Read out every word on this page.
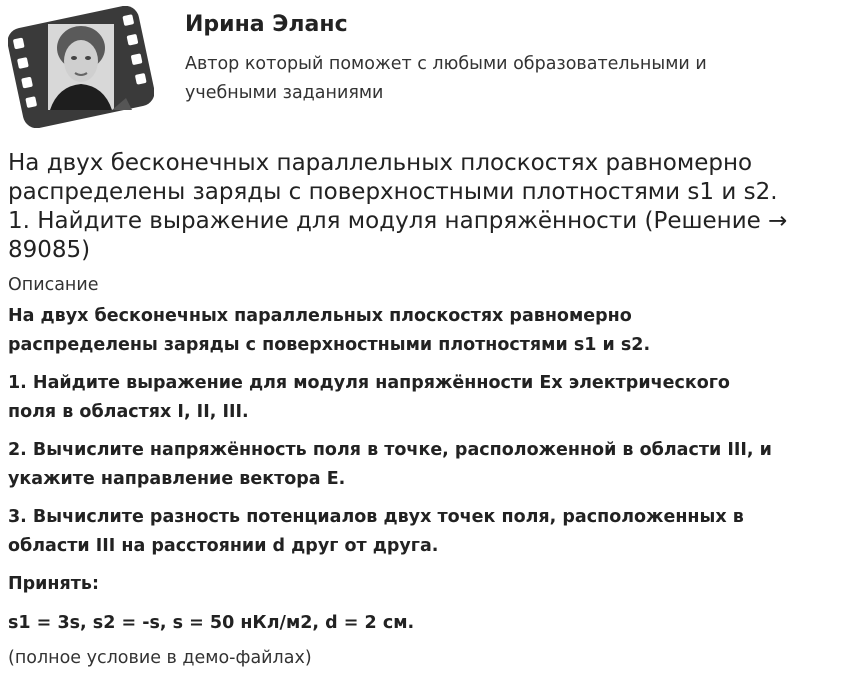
Ирина Эланс
Автор который поможет с любыми образовательными и
учебными заданиями
На двух бесконечных параллельных плоскостях равномерно
распределены заряды с поверхностными плотностями s1 и s2.
1. Найдите выражение для модуля напряжённости (Решение →
89085)
Описание

На двух бесконечных параллельных плоскостях равномерно
распределены заряды с поверхностными плотностями s1 и s2.

1. Найдите выражение для модуля напряжённости Ex электрического
поля в областях I, II, III.

2. Вычислите напряжённость поля в точке, расположенной в области III, и
укажите направление вектора E.

3. Вычислите разность потенциалов двух точек поля, расположенных в
области III на расстоянии d друг от друга.

Принять:

s1 = 3s, s2 = -s, s = 50 нКл/м2, d = 2 см.

(полное условие в демо-файлах)
